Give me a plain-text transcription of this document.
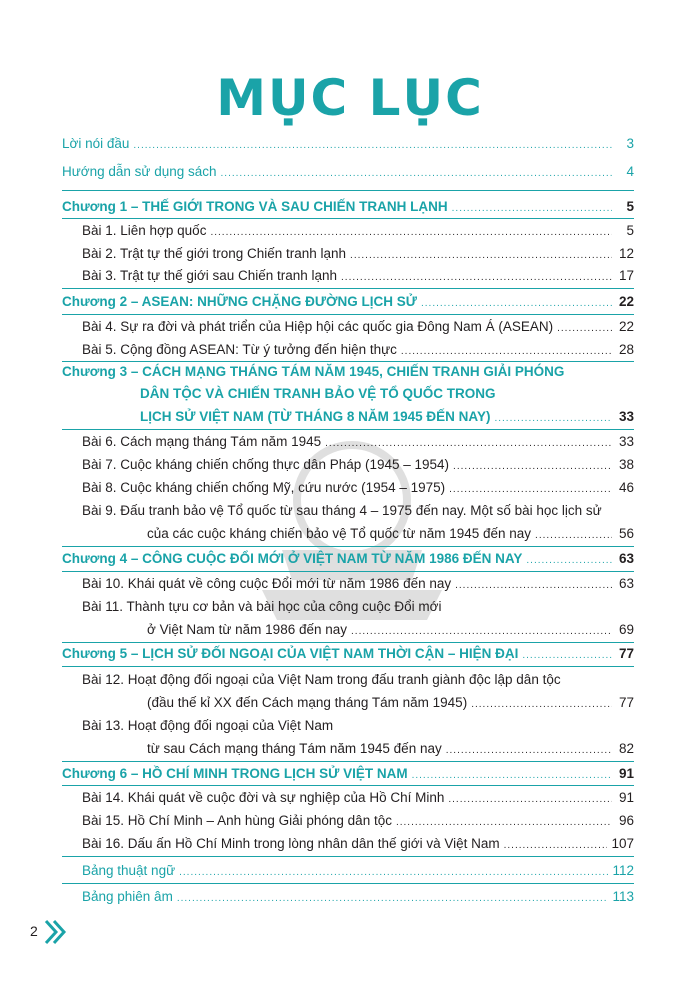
MỤC LỤC
Lời nói đầu .....	3
Hướng dẫn sử dụng sách .....	4
Chương 1 – THẾ GIỚI TRONG VÀ SAU CHIẾN TRANH LẠNH .....	5
Bài 1. Liên hợp quốc .....	5
Bài 2. Trật tự thế giới trong Chiến tranh lạnh .....	12
Bài 3. Trật tự thế giới sau Chiến tranh lạnh .....	17
Chương 2 – ASEAN: NHỮNG CHẶNG ĐƯỜNG LỊCH SỬ .....	22
Bài 4. Sự ra đời và phát triển của Hiệp hội các quốc gia Đông Nam Á (ASEAN) .....	22
Bài 5. Cộng đồng ASEAN: Từ ý tưởng đến hiện thực .....	28
Chương 3 – CÁCH MẠNG THÁNG TÁM NĂM 1945, CHIẾN TRANH GIẢI PHÓNG
DÂN TỘC VÀ CHIẾN TRANH BẢO VỆ TỔ QUỐC TRONG
LỊCH SỬ VIỆT NAM (TỪ THÁNG 8 NĂM 1945 ĐẾN NAY) .....	33
Bài 6. Cách mạng tháng Tám năm 1945 .....	33
Bài 7. Cuộc kháng chiến chống thực dân Pháp (1945 – 1954) .....	38
Bài 8. Cuộc kháng chiến chống Mỹ, cứu nước (1954 – 1975) .....	46
Bài 9. Đấu tranh bảo vệ Tổ quốc từ sau tháng 4 – 1975 đến nay. Một số bài học lịch sử
của các cuộc kháng chiến bảo vệ Tổ quốc từ năm 1945 đến nay .....	56
Chương 4 – CÔNG CUỘC ĐỔI MỚI Ở VIỆT NAM TỪ NĂM 1986 ĐẾN NAY .....	63
Bài 10. Khái quát về công cuộc Đổi mới từ năm 1986 đến nay .....	63
Bài 11. Thành tựu cơ bản và bài học của công cuộc Đổi mới
ở Việt Nam từ năm 1986 đến nay .....	69
Chương 5 – LỊCH SỬ ĐỐI NGOẠI CỦA VIỆT NAM THỜI CẬN – HIỆN ĐẠI .....	77
Bài 12. Hoạt động đối ngoại của Việt Nam trong đấu tranh giành độc lập dân tộc
(đầu thế kỉ XX đến Cách mạng tháng Tám năm 1945) .....	77
Bài 13. Hoạt động đối ngoại của Việt Nam
từ sau Cách mạng tháng Tám năm 1945 đến nay .....	82
Chương 6 – HỒ CHÍ MINH TRONG LỊCH SỬ VIỆT NAM .....	91
Bài 14. Khái quát về cuộc đời và sự nghiệp của Hồ Chí Minh .....	91
Bài 15. Hồ Chí Minh – Anh hùng Giải phóng dân tộc .....	96
Bài 16. Dấu ấn Hồ Chí Minh trong lòng nhân dân thế giới và Việt Nam .....	107
Bảng thuật ngữ .....	112
Bảng phiên âm .....	113
2
